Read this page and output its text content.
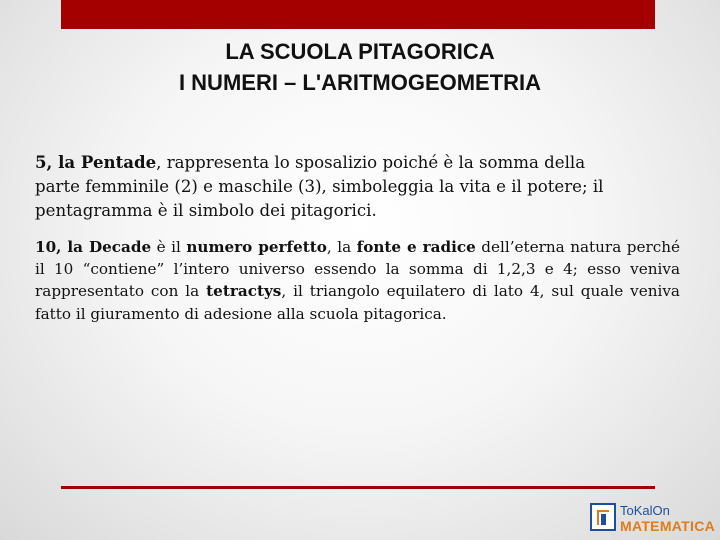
LA SCUOLA PITAGORICA
I NUMERI – L'ARITMOGEOMETRIA
5, la Pentade, rappresenta lo sposalizio poiché è la somma della
parte femminile (2) e maschile (3), simboleggia la vita e il potere; il
pentagramma è il simbolo dei pitagorici.
10, la Decade è il numero perfetto, la fonte e radice dell’eterna natura perché il 10 “contiene” l’intero universo essendo la somma di 1,2,3 e 4; esso veniva rappresentato con la tetractys, il triangolo equilatero di lato 4, sul quale veniva fatto il giuramento di adesione alla scuola pitagorica.
ToKalOn
MATEMATICA
